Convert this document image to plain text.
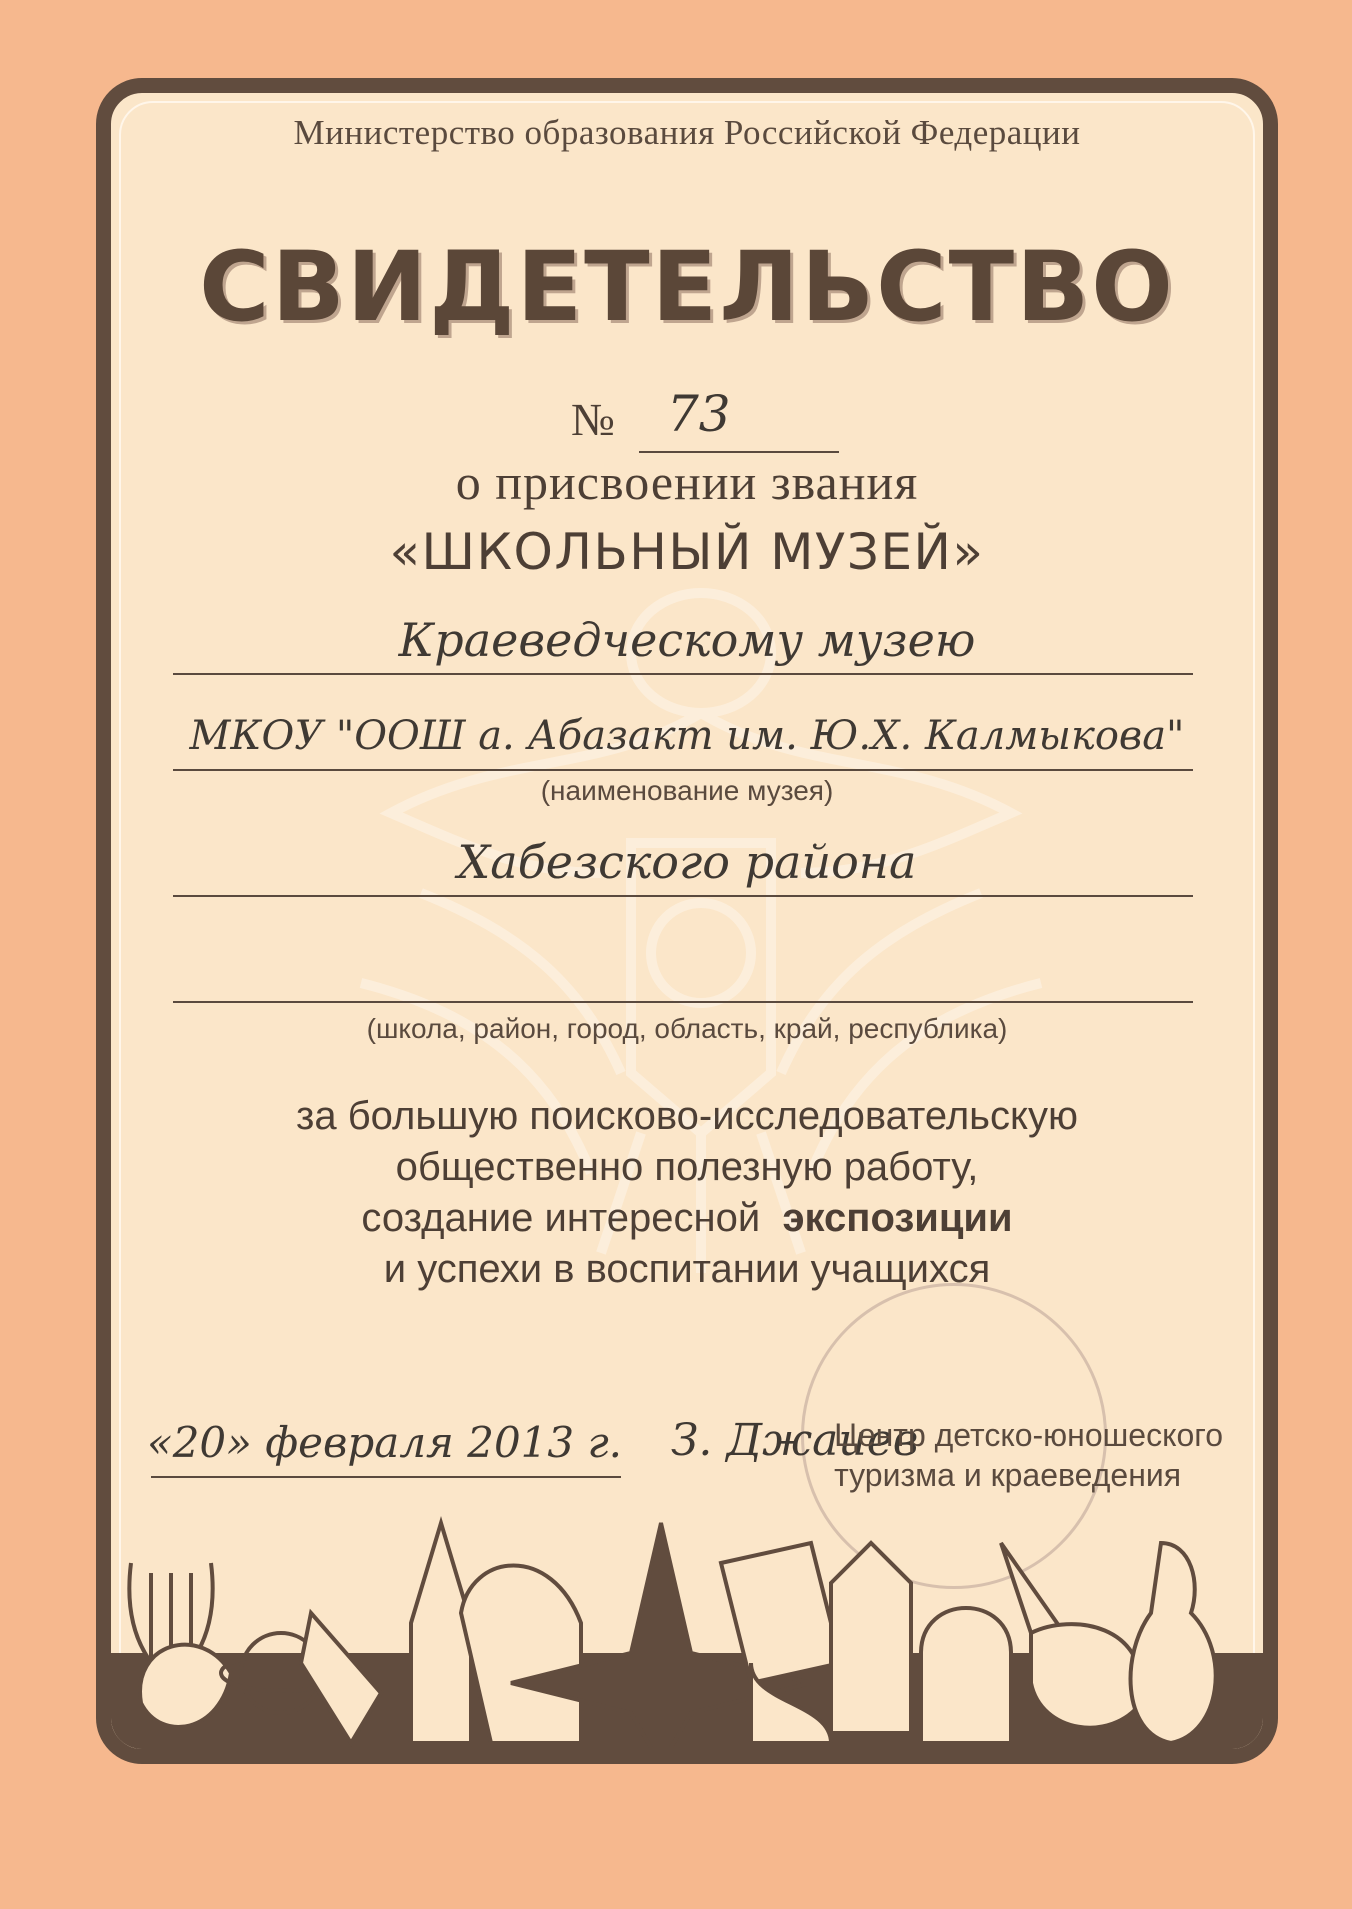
Министерство образования Российской Федерации
СВИДЕТЕЛЬСТВО
№ 73
о присвоении звания
«ШКОЛЬНЫЙ МУЗЕЙ»
Краеведческому музею
МКОУ "ООШ а. Абазакт им. Ю.Х. Калмыкова"
(наименование музея)
Хабезского района
(школа, район, город, область, край, республика)
за большую поисково-исследовательскую
общественно полезную работу,
создание интересной экспозиции
и успехи в воспитании учащихся
«20» февраля 2013 г. З. Джаиев
Центр детско-юношеского
туризма и краеведения
